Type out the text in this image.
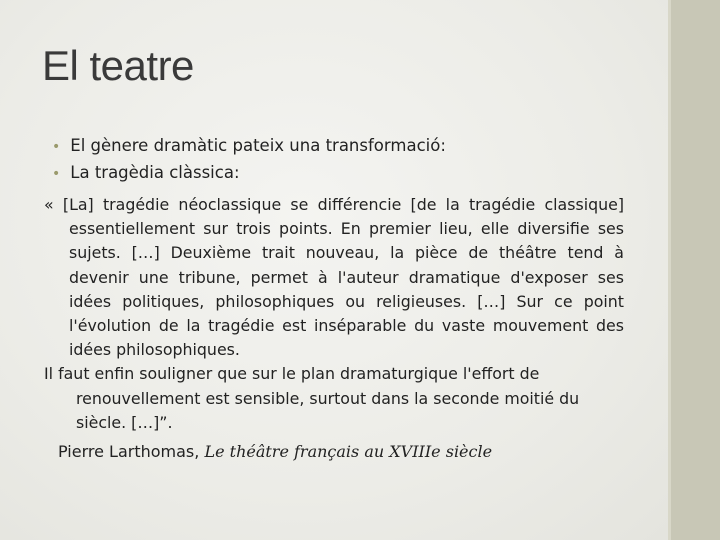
El teatre
• El gènere dramàtic pateix una transformació:
• La tragèdia clàssica:

« [La] tragédie néoclassique se différencie [de la tragédie classique] essentiellement sur trois points. En premier lieu, elle diversifie ses sujets. […] Deuxième trait nouveau, la pièce de théâtre tend à devenir une tribune, permet à l'auteur dramatique d'exposer ses idées politiques, philosophiques ou religieuses. […] Sur ce point l'évolution de la tragédie est inséparable du vaste mouvement des idées philosophiques.

Il faut enfin souligner que sur le plan dramaturgique l'effort de renouvellement est sensible, surtout dans la seconde moitié du siècle. […]”.

Pierre Larthomas, Le théâtre français au XVIIIe siècle
